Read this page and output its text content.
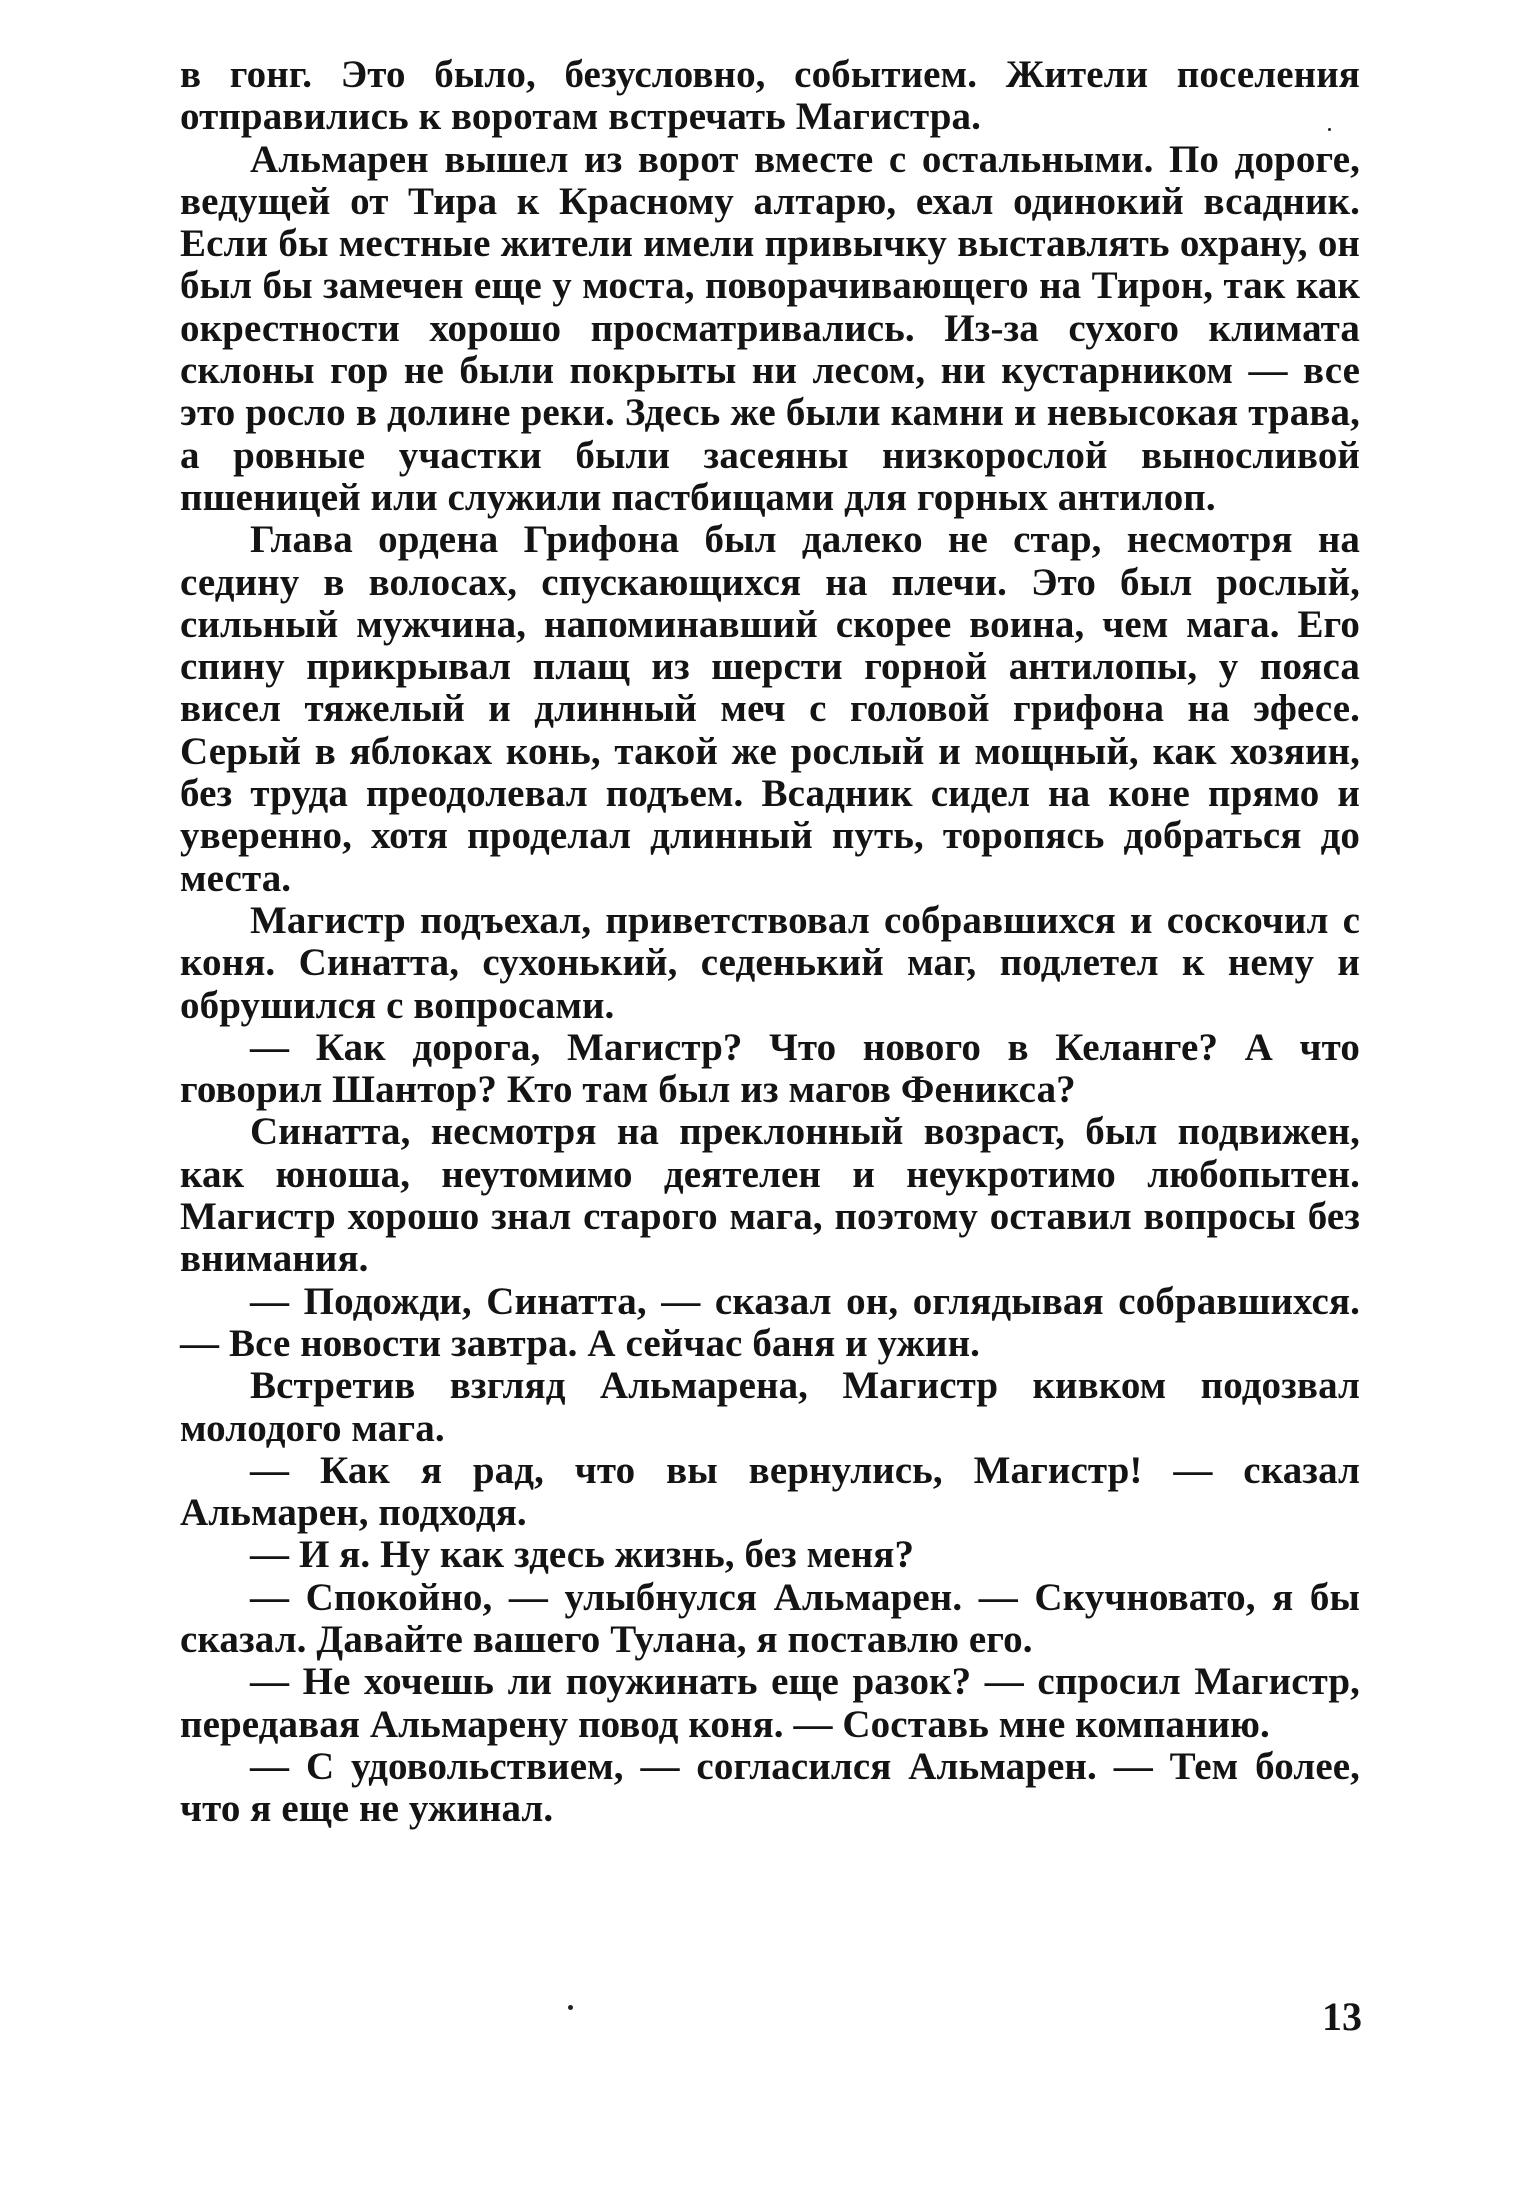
в гонг. Это было, безусловно, событием. Жители поселения отправились к воротам встречать Магистра.

Альмарен вышел из ворот вместе с остальными. По дороге, ведущей от Тира к Красному алтарю, ехал одинокий всадник. Если бы местные жители имели привычку выставлять охрану, он был бы замечен еще у моста, поворачивающего на Тирон, так как окрестности хорошо просматривались. Из-за сухого климата склоны гор не были покрыты ни лесом, ни кустарником — все это росло в долине реки. Здесь же были камни и невысокая трава, а ровные участки были засеяны низкорослой выносливой пшеницей или служили пастбищами для горных антилоп.

Глава ордена Грифона был далеко не стар, несмотря на седину в волосах, спускающихся на плечи. Это был рослый, сильный мужчина, напоминавший скорее воина, чем мага. Его спину прикрывал плащ из шерсти горной антилопы, у пояса висел тяжелый и длинный меч с головой грифона на эфесе. Серый в яблоках конь, такой же рослый и мощный, как хозяин, без труда преодолевал подъем. Всадник сидел на коне прямо и уверенно, хотя проделал длинный путь, торопясь добраться до места.

Магистр подъехал, приветствовал собравшихся и соскочил с коня. Синатта, сухонький, седенький маг, подлетел к нему и обрушился с вопросами.

— Как дорога, Магистр? Что нового в Келанге? А что говорил Шантор? Кто там был из магов Феникса?

Синатта, несмотря на преклонный возраст, был подвижен, как юноша, неутомимо деятелен и неукротимо любопытен. Магистр хорошо знал старого мага, поэтому оставил вопросы без внимания.

— Подожди, Синатта, — сказал он, оглядывая собравшихся. — Все новости завтра. А сейчас баня и ужин.

Встретив взгляд Альмарена, Магистр кивком подозвал молодого мага.

— Как я рад, что вы вернулись, Магистр! — сказал Альмарен, подходя.

— И я. Ну как здесь жизнь, без меня?

— Спокойно, — улыбнулся Альмарен. — Скучновато, я бы сказал. Давайте вашего Тулана, я поставлю его.

— Не хочешь ли поужинать еще разок? — спросил Магистр, передавая Альмарену повод коня. — Составь мне компанию.

— С удовольствием, — согласился Альмарен. — Тем более, что я еще не ужинал.

13
